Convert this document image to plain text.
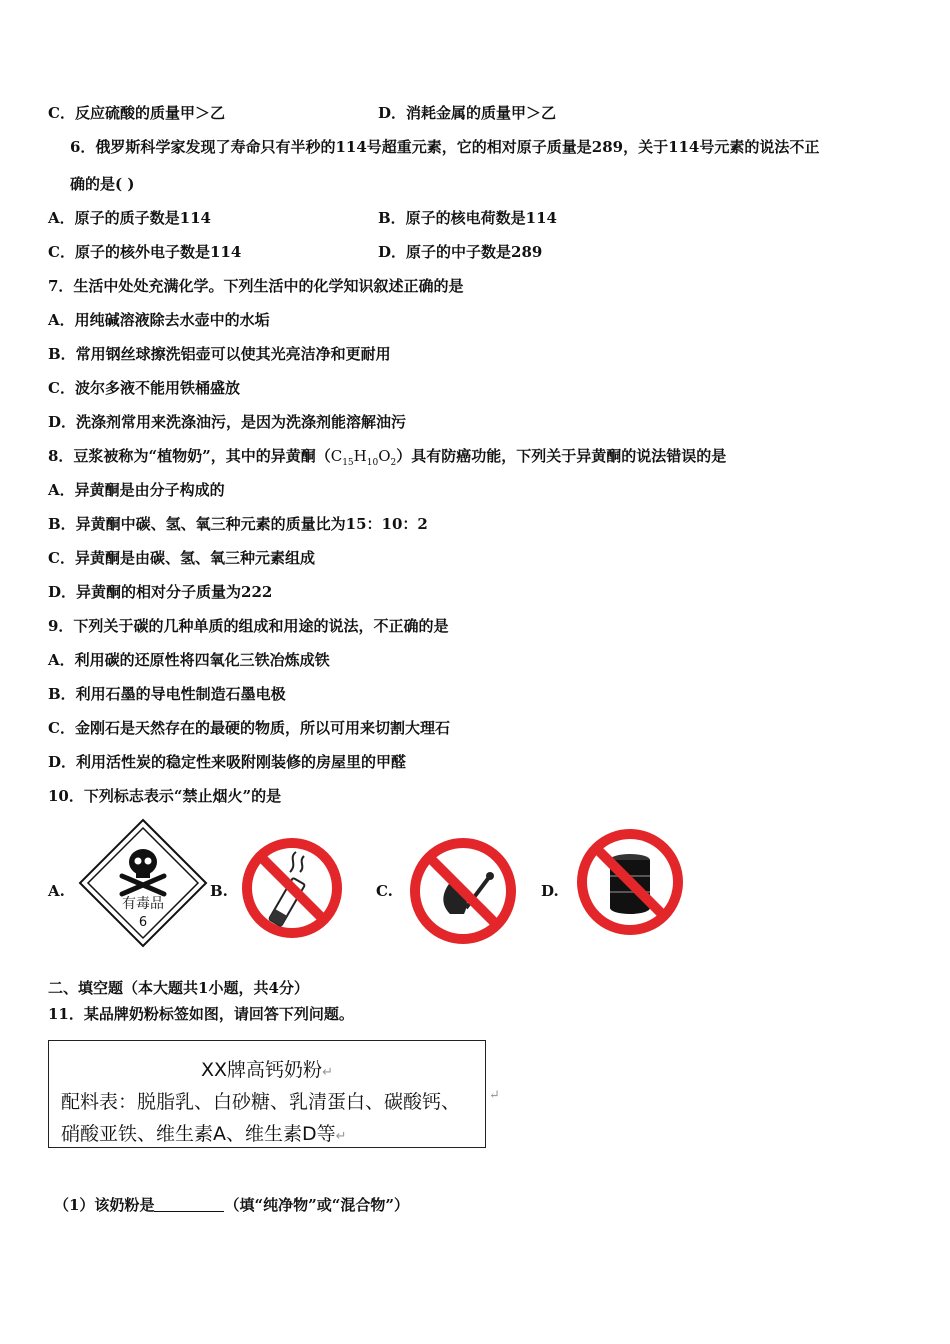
C．反应硫酸的质量甲＞乙	D．消耗金属的质量甲＞乙
6．俄罗斯科学家发现了寿命只有半秒的114号超重元素，它的相对原子质量是289，关于114号元素的说法不正
确的是( )
A．原子的质子数是114	B．原子的核电荷数是114
C．原子的核外电子数是114	D．原子的中子数是289
7．生活中处处充满化学。下列生活中的化学知识叙述正确的是
A．用纯碱溶液除去水壶中的水垢
B．常用钢丝球擦洗铝壶可以使其光亮洁净和更耐用
C．波尔多液不能用铁桶盛放
D．洗涤剂常用来洗涤油污，是因为洗涤剂能溶解油污
8．豆浆被称为“植物奶”，其中的异黄酮$(C_{15}H_{10}O_2)$具有防癌功能，下列关于异黄酮的说法错误的是
A．异黄酮是由分子构成的
B．异黄酮中碳、氢、氧三种元素的质量比为15：10：2
C．异黄酮是由碳、氢、氧三种元素组成
D．异黄酮的相对分子质量为222
9．下列关于碳的几种单质的组成和用途的说法，不正确的是
A．利用碳的还原性将四氧化三铁冶炼成铁
B．利用石墨的导电性制造石墨电极
C．金刚石是天然存在的最硬的物质，所以可用来切割大理石
D．利用活性炭的稳定性来吸附刚装修的房屋里的甲醛
10．下列标志表示“禁止烟火”的是
A.
有毒品
6
B.	C.	D.
二、填空题（本大题共1小题，共4分）
11．某品牌奶粉标签如图，请回答下列问题。
XX牌高钙奶粉↵
配料表：脱脂乳、白砂糖、乳清蛋白、碳酸钙、
硝酸亚铁、维生素A、维生素D等↵
↵
（1）该奶粉是	（填“纯净物”或“混合物”）
